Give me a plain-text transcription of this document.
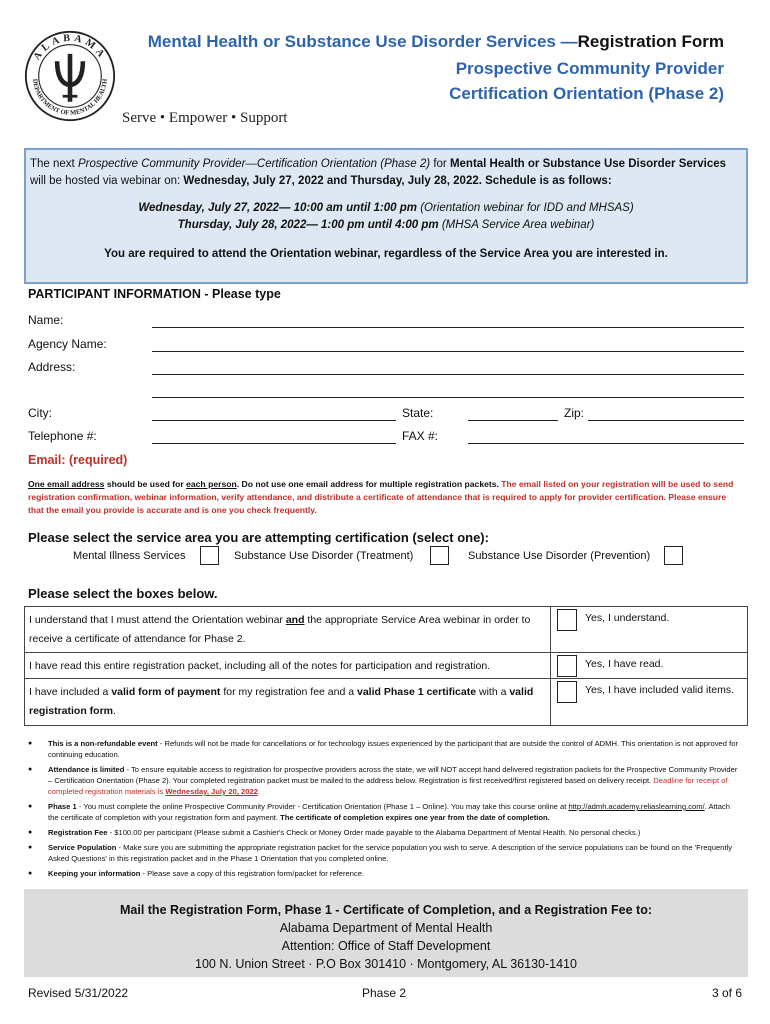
ALABAMA
DEPARTMENT OF MENTAL HEALTH
Serve • Empower • Support
Mental Health or Substance Use Disorder Services —Registration Form
Prospective Community Provider
Certification Orientation (Phase 2)

The next Prospective Community Provider—Certification Orientation (Phase 2) for Mental Health or Substance Use Disorder Services will be hosted via webinar on: Wednesday, July 27, 2022 and Thursday, July 28, 2022. Schedule is as follows:

Wednesday, July 27, 2022— 10:00 am until 1:00 pm (Orientation webinar for IDD and MHSAS)

Thursday, July 28, 2022— 1:00 pm until 4:00 pm (MHSA Service Area webinar)

You are required to attend the Orientation webinar, regardless of the Service Area you are interested in.

PARTICIPANT INFORMATION - Please type
Name:
Agency Name:
Address:
City:	State:	Zip:
Telephone #:	FAX #:
Email: (required)
One email address should be used for each person. Do not use one email address for multiple registration packets. The email listed on your registration will be used to send registration confirmation, webinar information, verify attendance, and distribute a certificate of attendance that is required to apply for provider certification. Please ensure that the email you provide is accurate and is one you check frequently.
Please select the service area you are attempting certification (select one):
Mental Illness Services	Substance Use Disorder (Treatment)	Substance Use Disorder (Prevention)
Please select the boxes below.
I understand that I must attend the Orientation webinar and the appropriate Service Area webinar in order to receive a certificate of attendance for Phase 2.
Yes, I understand.
I have read this entire registration packet, including all of the notes for participation and registration.	Yes, I have read.
I have included a valid form of payment for my registration fee and a valid Phase 1 certificate with a valid registration form.
Yes, I have included valid items.
● This is a non-refundable event - Refunds will not be made for cancellations or for technology issues experienced by the participant that are outside the control of ADMH. This orientation is not approved for continuing education.
● Attendance is limited - To ensure equitable access to registration for prospective providers across the state, we will NOT accept hand delivered registration packets for the Prospective Community Provider – Certification Orientation (Phase 2). Your completed registration packet must be mailed to the address below. Registration is first received/first registered based on delivery receipt. Deadline for receipt of completed registration materials is Wednesday, July 20, 2022.
● Phase 1 - You must complete the online Prospective Community Provider - Certification Orientation (Phase 1 – Online). You may take this course online at http://admh.academy.reliaslearning.com/. Attach the certificate of completion with your registration form and payment. The certificate of completion expires one year from the date of completion.
● Registration Fee - $100.00 per participant (Please submit a Cashier's Check or Money Order made payable to the Alabama Department of Mental Health. No personal checks.)
● Service Population - Make sure you are submitting the appropriate registration packet for the service population you wish to serve. A description of the service populations can be found on the 'Frequently Asked Questions' in this registration packet and in the Phase 1 Orientation that you completed online.
● Keeping your information - Please save a copy of this registration form/packet for reference.
Mail the Registration Form, Phase 1 - Certificate of Completion, and a Registration Fee to:
Alabama Department of Mental Health
Attention: Office of Staff Development
100 N. Union Street · P.O Box 301410 · Montgomery, AL 36130-1410
Revised 5/31/2022	Phase 2	3 of 6
